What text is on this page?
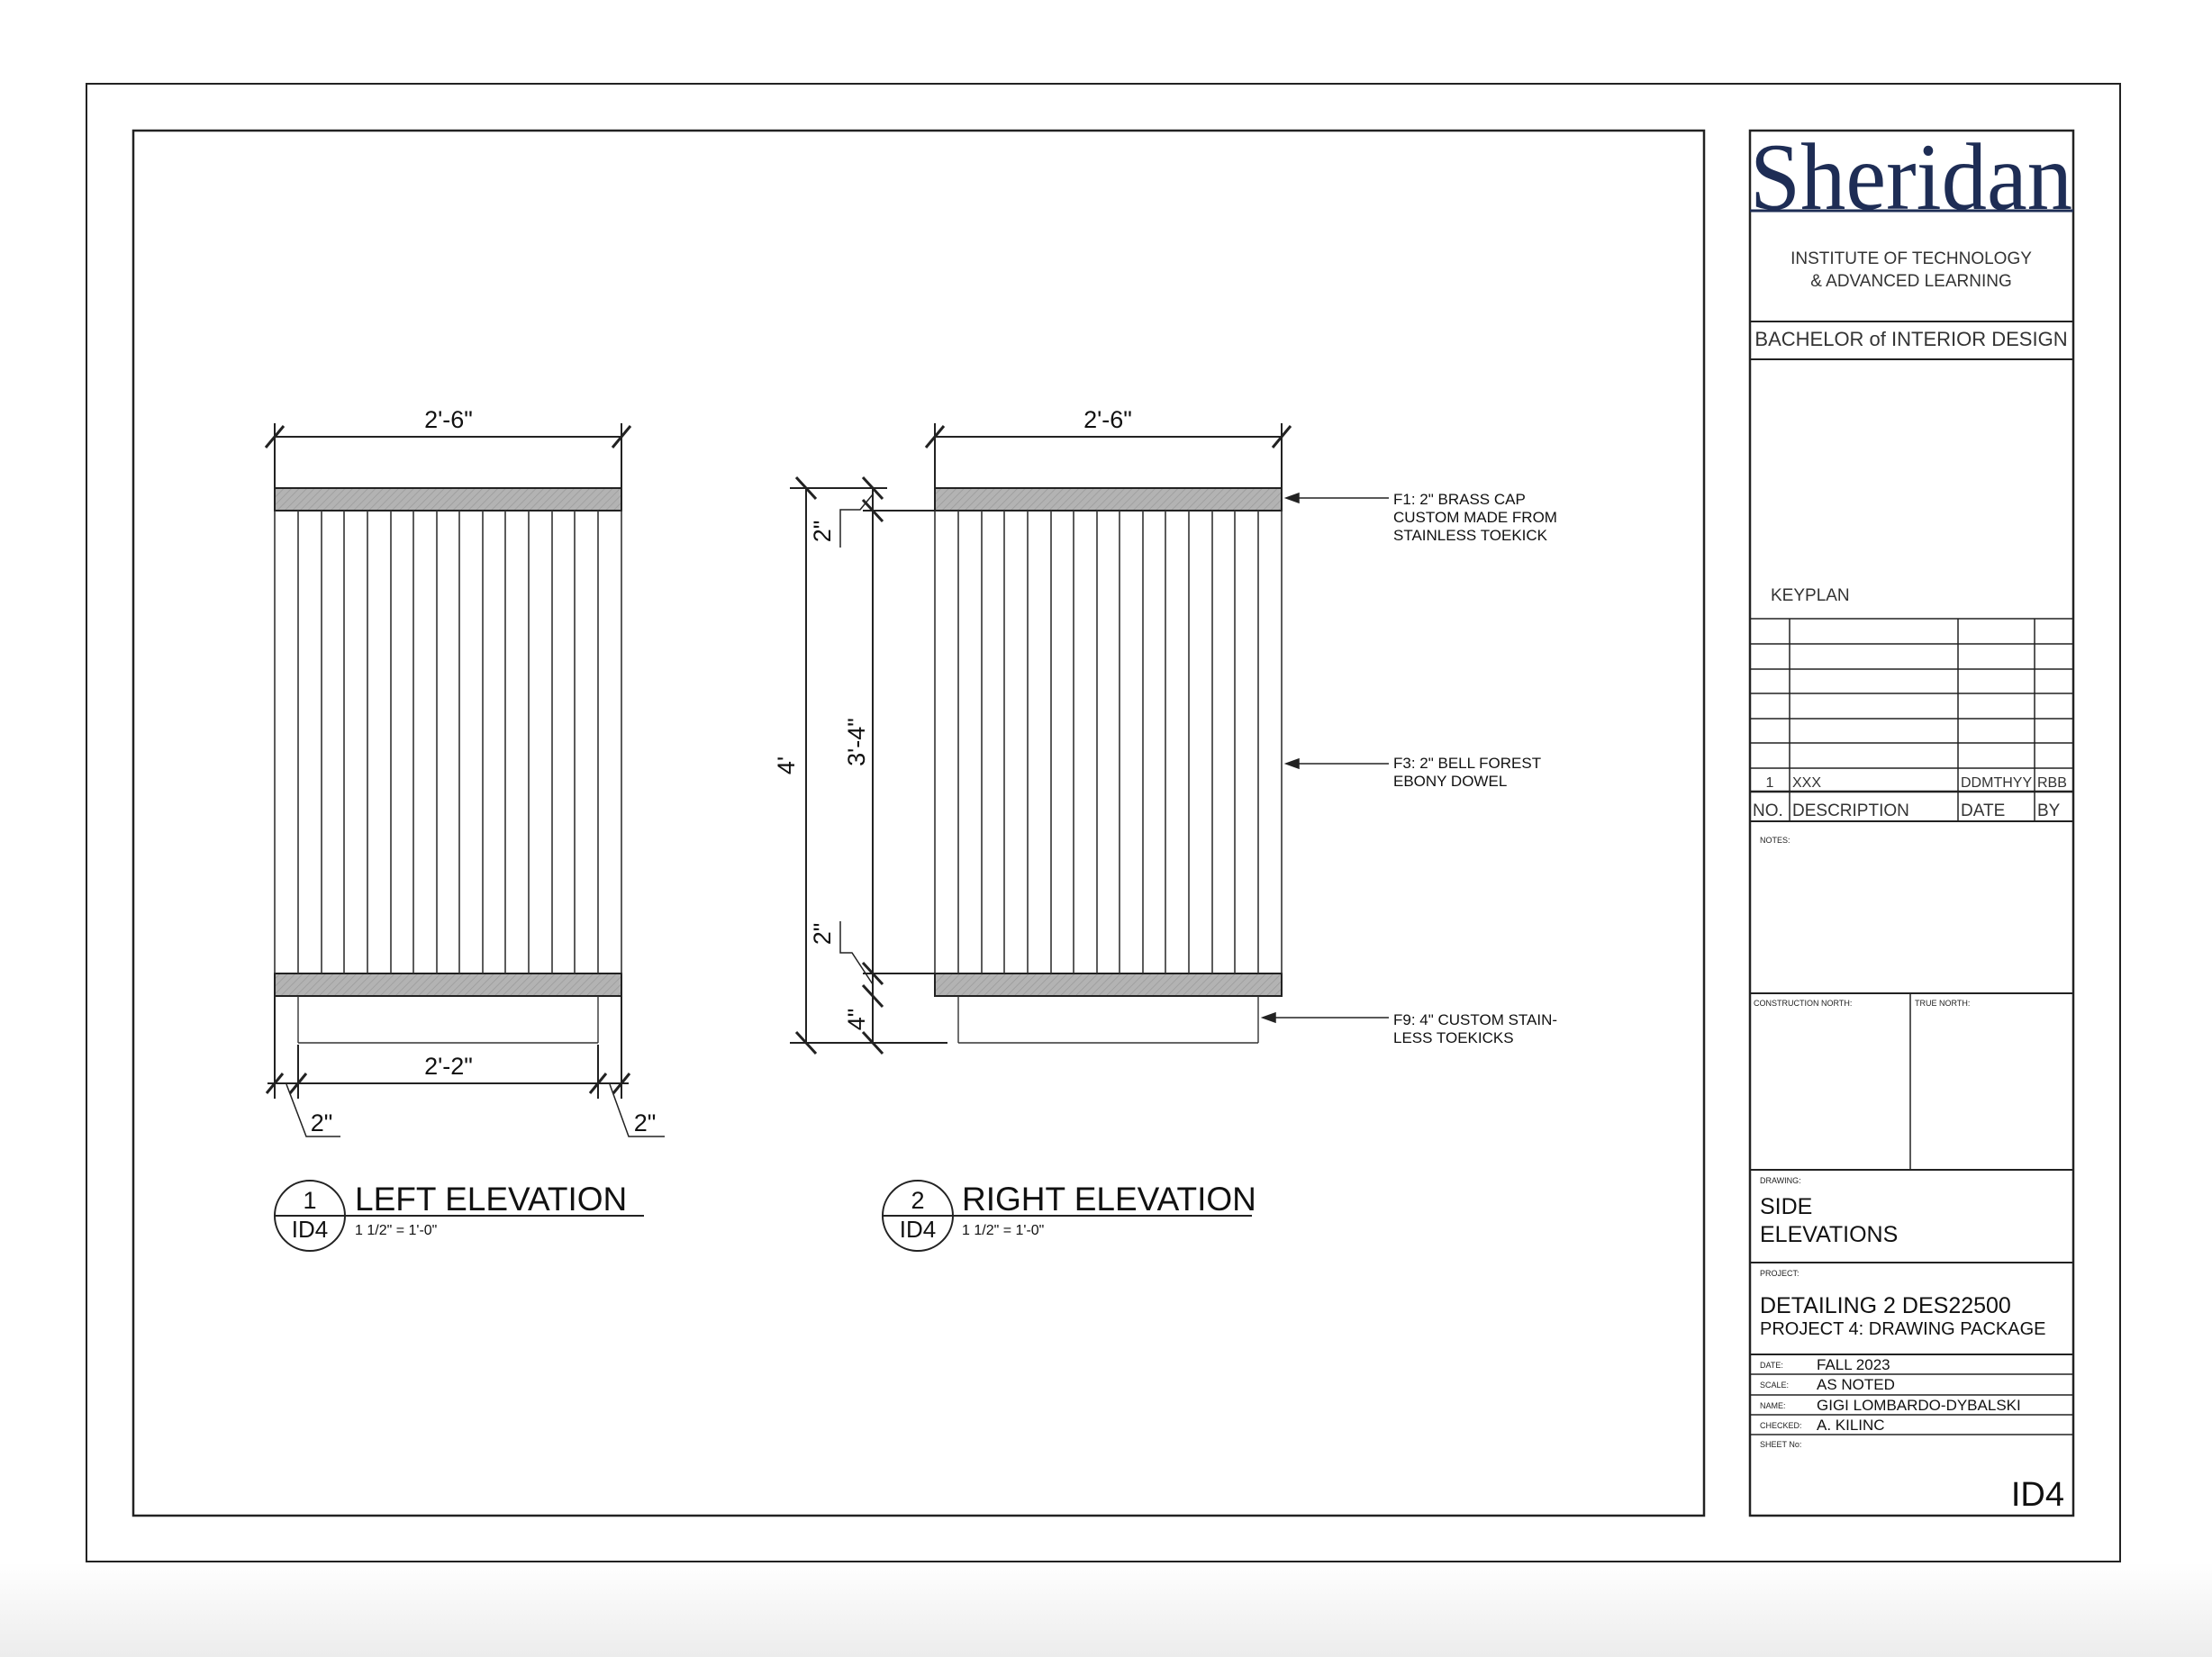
2'-6"
2'-2"
2"	2"
1
ID4
LEFT ELEVATION
1 1/2" = 1'-0"
2'-6"
4' 3'-4"
2"
2"
4"
F1: 2" BRASS CAP
CUSTOM MADE FROM
STAINLESS TOEKICK
F3: 2" BELL FOREST
EBONY DOWEL
F9: 4" CUSTOM STAIN-
LESS TOEKICKS
2
ID4
RIGHT ELEVATION
1 1/2" = 1'-0"
Sheridan
INSTITUTE OF TECHNOLOGY
& ADVANCED LEARNING
BACHELOR of INTERIOR DESIGN
KEYPLAN
1 XXX	DDMTHYY RBB
NO. DESCRIPTION	DATE BY
NOTES:
CONSTRUCTION NORTH:	TRUE NORTH:
DRAWING:
SIDE
ELEVATIONS
PROJECT:
DETAILING 2 DES22500
PROJECT 4: DRAWING PACKAGE
DATE: FALL 2023
SCALE: AS NOTED
NAME: GIGI LOMBARDO-DYBALSKI
CHECKED: A. KILINC
SHEET No:
ID4
